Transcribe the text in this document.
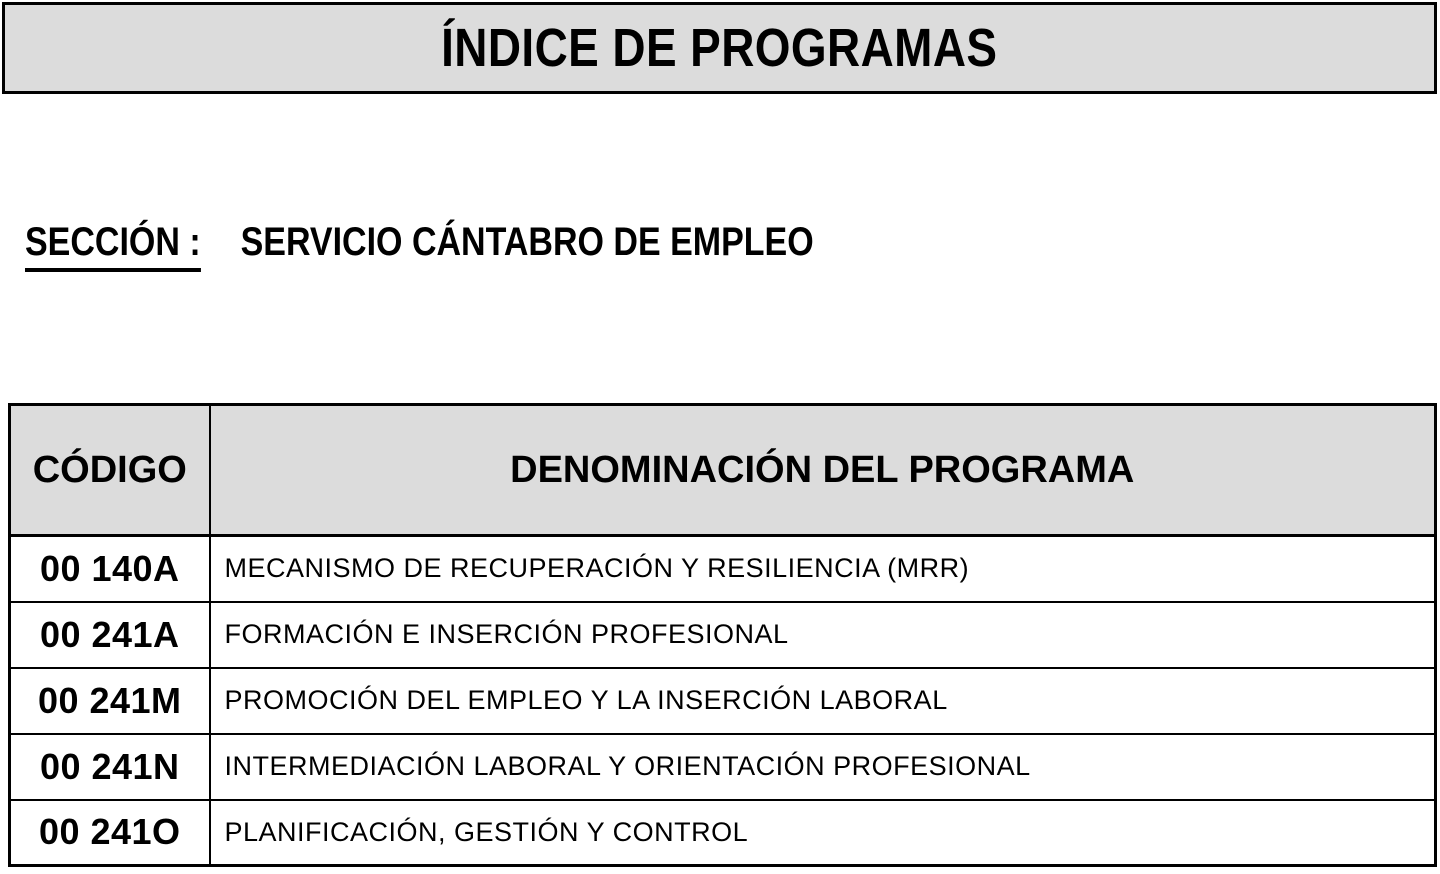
ÍNDICE DE PROGRAMAS
SECCIÓN : SERVICIO CÁNTABRO DE EMPLEO
CÓDIGO	DENOMINACIÓN DEL PROGRAMA
00 140A	MECANISMO DE RECUPERACIÓN Y RESILIENCIA (MRR)
00 241A	FORMACIÓN E INSERCIÓN PROFESIONAL
00 241M	PROMOCIÓN DEL EMPLEO Y LA INSERCIÓN LABORAL
00 241N	INTERMEDIACIÓN LABORAL Y ORIENTACIÓN PROFESIONAL
00 241O	PLANIFICACIÓN, GESTIÓN Y CONTROL
